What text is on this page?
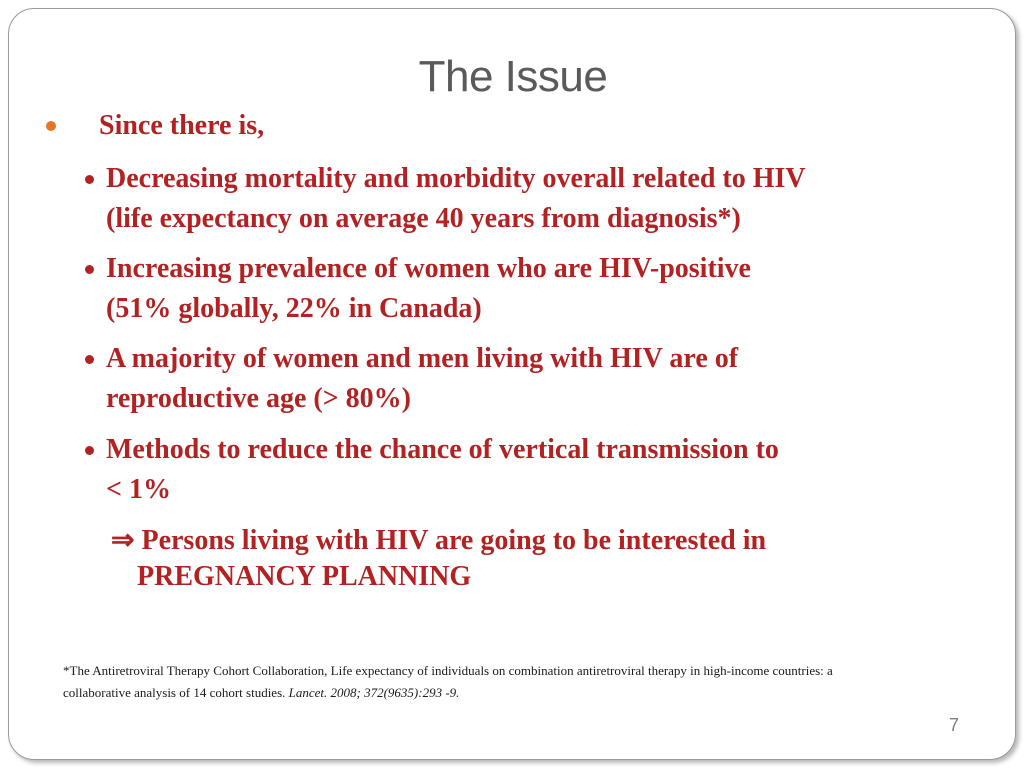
The Issue
Since there is,
Decreasing mortality and morbidity overall related to HIV
(life expectancy on average 40 years from diagnosis*)
Increasing prevalence of women who are HIV-positive
(51% globally, 22% in Canada)
A majority of women and men living with HIV are of
reproductive age (> 80%)
Methods to reduce the chance of vertical transmission to
< 1%
⇒ Persons living with HIV are going to be interested in
PREGNANCY PLANNING
*The Antiretroviral Therapy Cohort Collaboration, Life expectancy of individuals on combination antiretroviral therapy in high-income countries: a
collaborative analysis of 14 cohort studies. Lancet. 2008; 372(9635):293 -9.
7
